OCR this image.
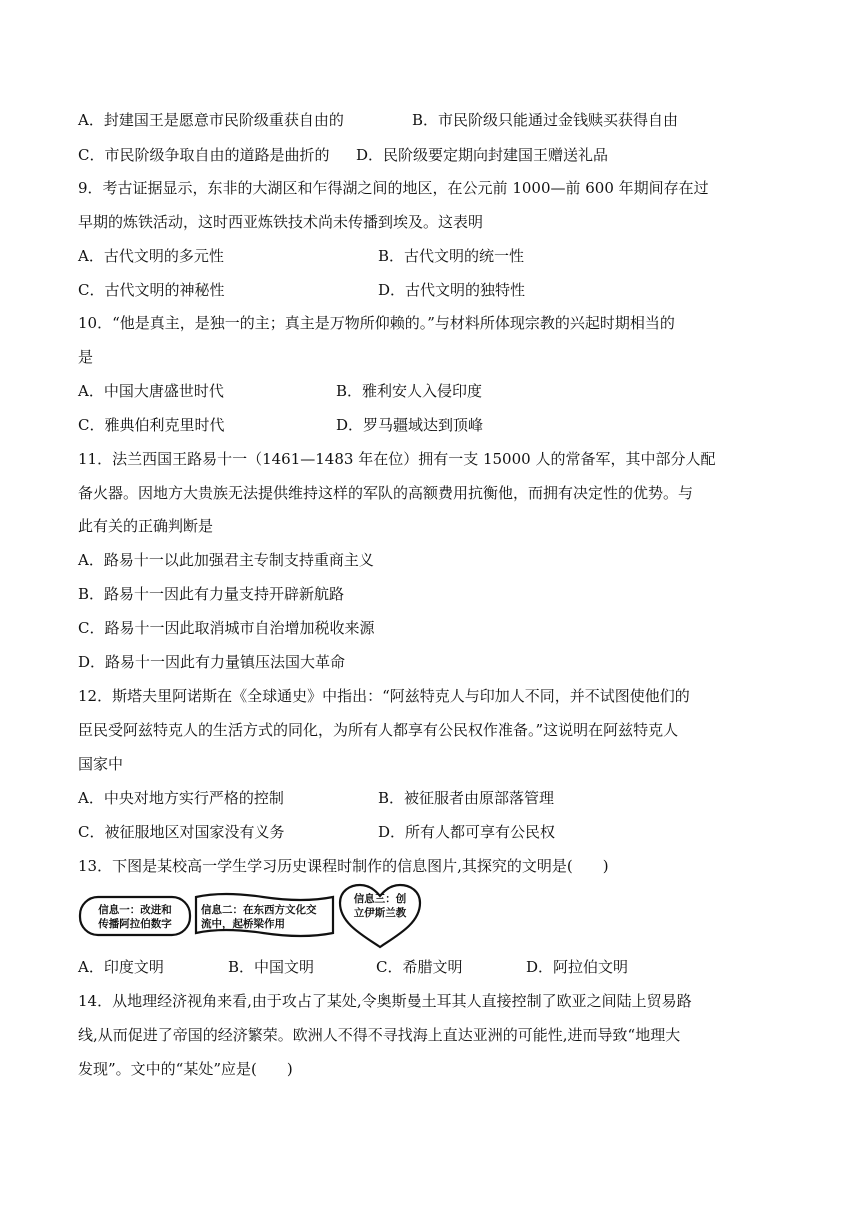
A．封建国王是愿意市民阶级重获自由的	B．市民阶级只能通过金钱赎买获得自由
C．市民阶级争取自由的道路是曲折的 D．民阶级要定期向封建国王赠送礼品
9．考古证据显示，东非的大湖区和乍得湖之间的地区，在公元前 1000—前 600 年期间存在过
早期的炼铁活动，这时西亚炼铁技术尚未传播到埃及。这表明
A．古代文明的多元性	B．古代文明的统一性
C．古代文明的神秘性	D．古代文明的独特性
10．“他是真主，是独一的主；真主是万物所仰赖的。”与材料所体现宗教的兴起时期相当的
是
A．中国大唐盛世时代	B．雅利安人入侵印度
C．雅典伯利克里时代	D．罗马疆域达到顶峰
11．法兰西国王路易十一（1461—1483 年在位）拥有一支 15000 人的常备军，其中部分人配
备火器。因地方大贵族无法提供维持这样的军队的高额费用抗衡他，而拥有决定性的优势。与
此有关的正确判断是
A．路易十一以此加强君主专制支持重商主义
B．路易十一因此有力量支持开辟新航路
C．路易十一因此取消城市自治增加税收来源
D．路易十一因此有力量镇压法国大革命
12．斯塔夫里阿诺斯在《全球通史》中指出：“阿兹特克人与印加人不同，并不试图使他们的
臣民受阿兹特克人的生活方式的同化，为所有人都享有公民权作准备。”这说明在阿兹特克人
国家中
A．中央对地方实行严格的控制	B．被征服者由原部落管理
C．被征服地区对国家没有义务	D．所有人都可享有公民权
13．下图是某校高一学生学习历史课程时制作的信息图片,其探究的文明是(　　)
信息一：改进和
传播阿拉伯数字
信息二：在东西方文化交
流中，起桥梁作用
信息三：创
立伊斯兰教
A．印度文明	B．中国文明	C．希腊文明	D．阿拉伯文明
14．从地理经济视角来看,由于攻占了某处,令奥斯曼土耳其人直接控制了欧亚之间陆上贸易路
线,从而促进了帝国的经济繁荣。欧洲人不得不寻找海上直达亚洲的可能性,进而导致“地理大
发现”。文中的“某处”应是(　　)
